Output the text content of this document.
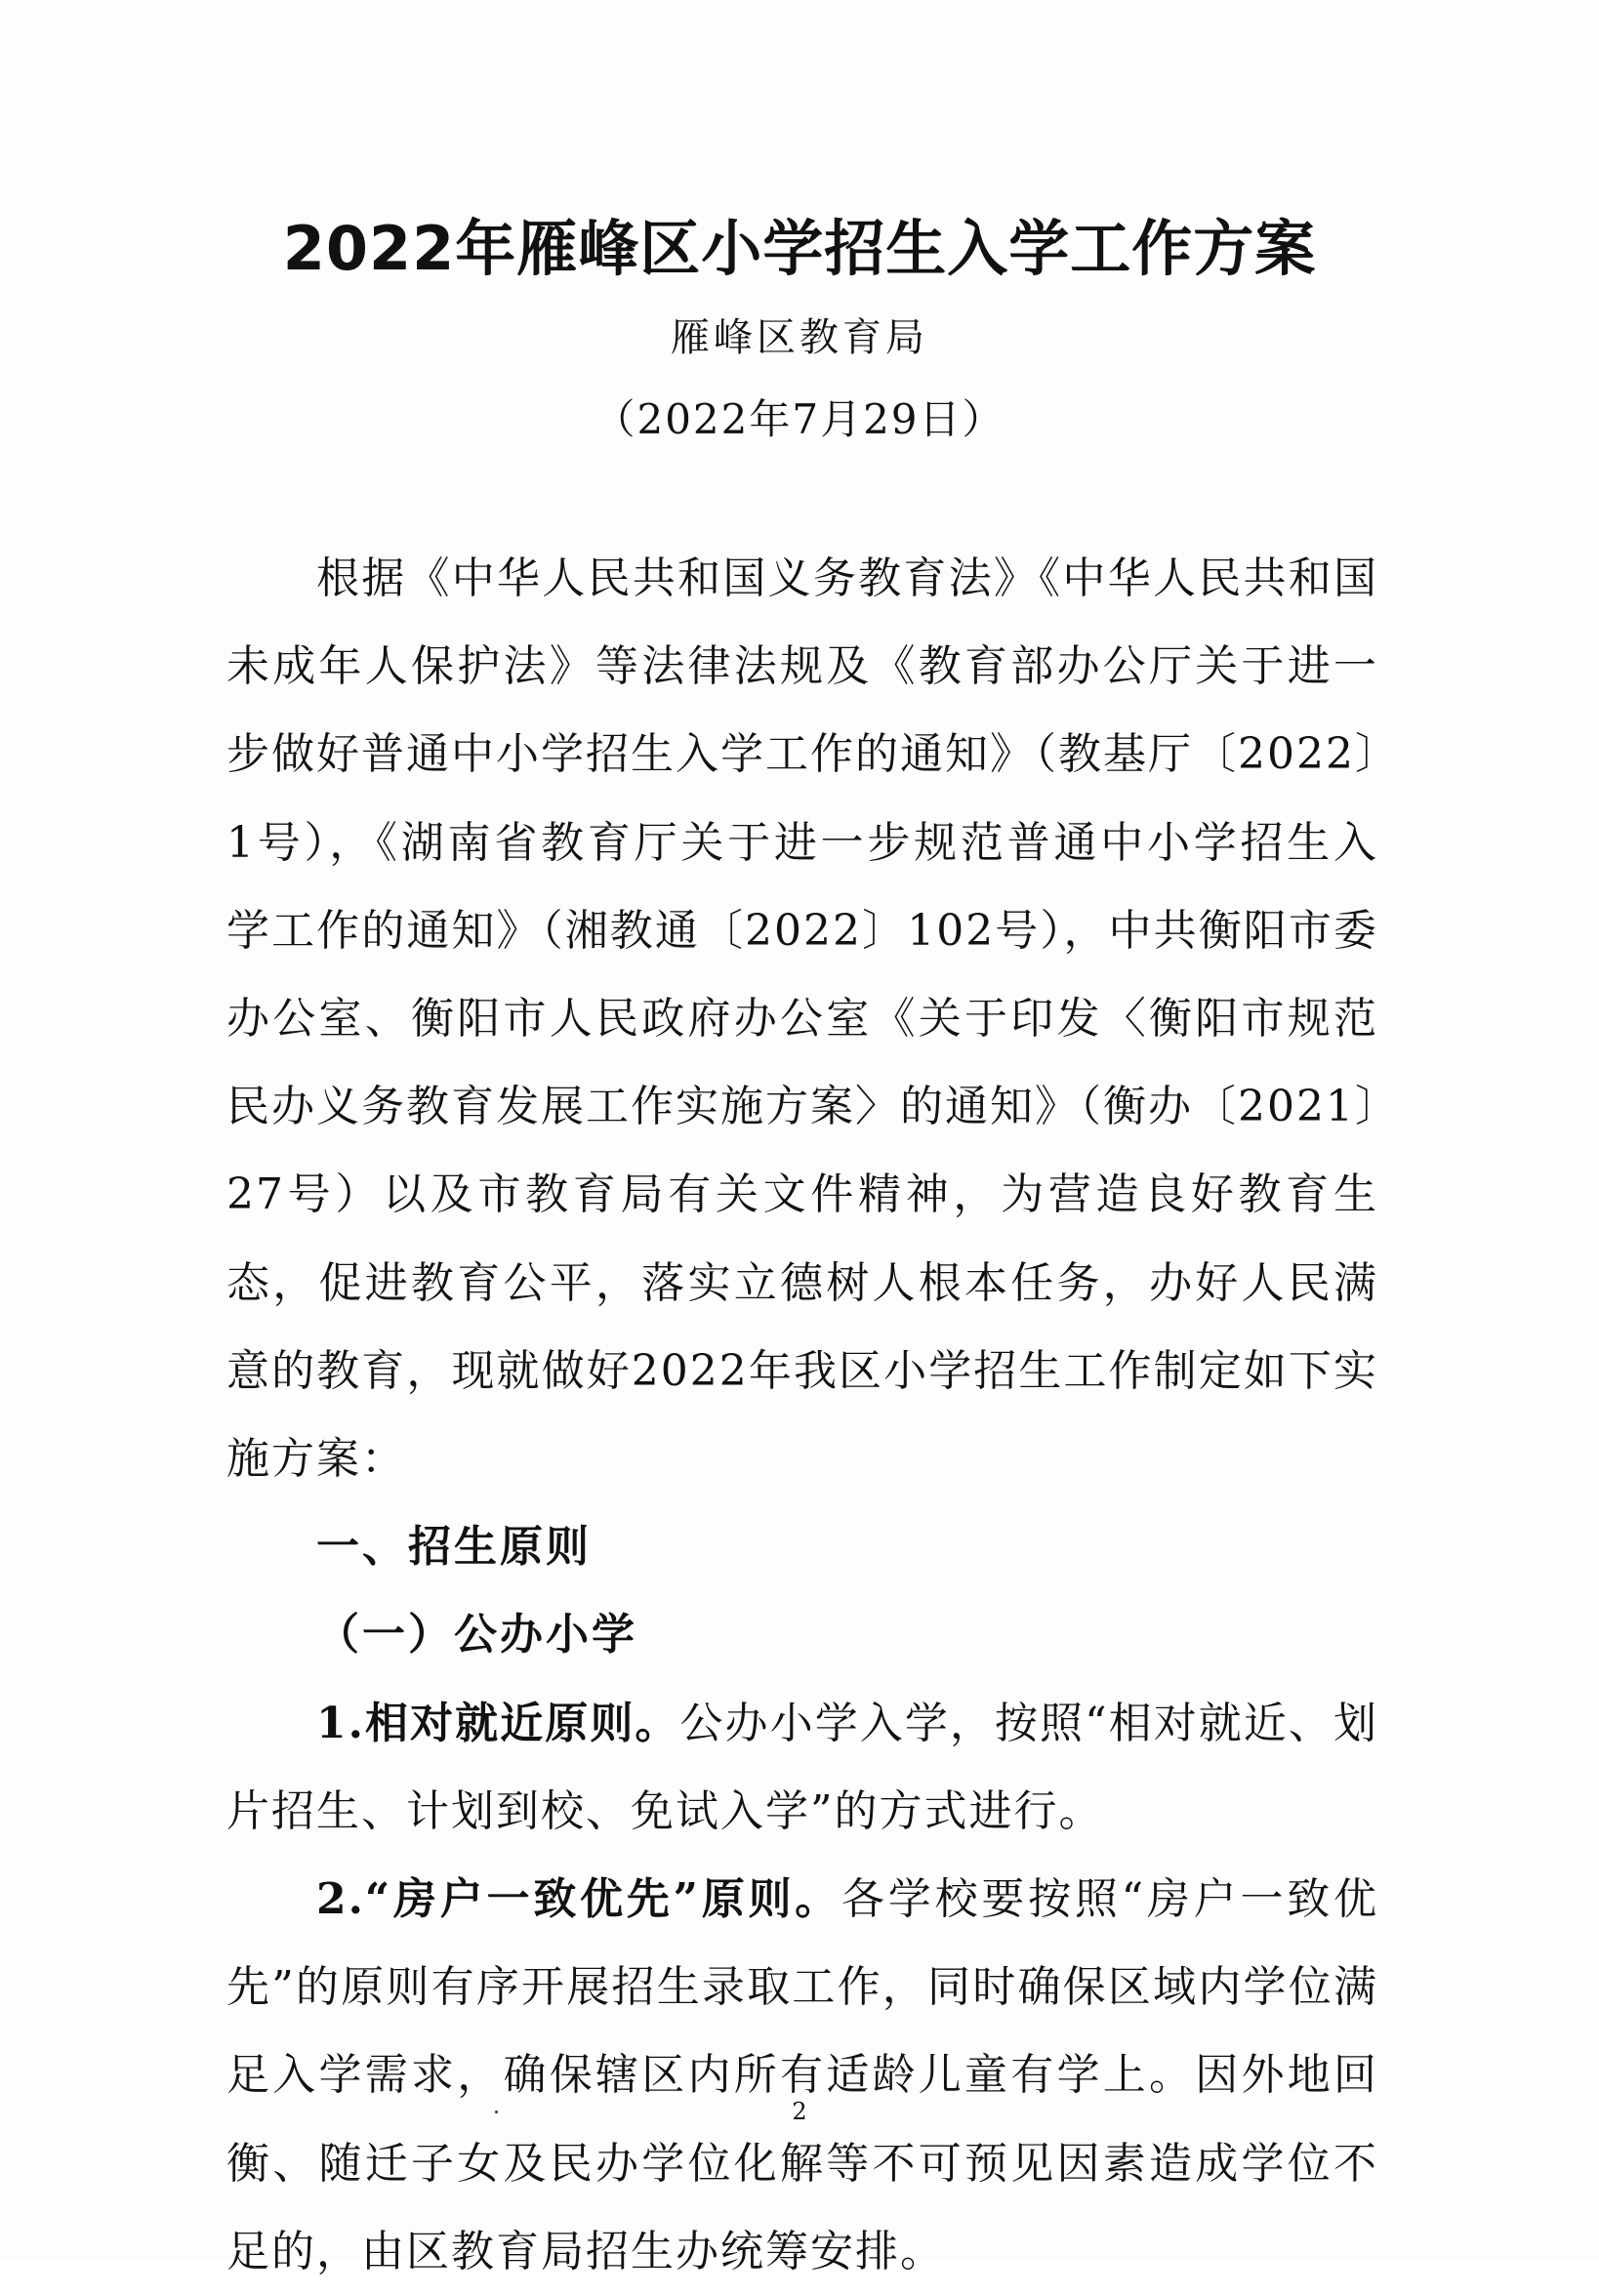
2022年雁峰区小学招生入学工作方案
雁峰区教育局
（2022年7月29日）

根据《中华人民共和国义务教育法》《中华人民共和国未成年人保护法》等法律法规及《教育部办公厅关于进一步做好普通中小学招生入学工作的通知》（教基厅〔2022〕1号），《湖南省教育厅关于进一步规范普通中小学招生入学工作的通知》（湘教通〔2022〕102号），中共衡阳市委办公室、衡阳市人民政府办公室《关于印发〈衡阳市规范民办义务教育发展工作实施方案〉的通知》（衡办〔2021〕27号）以及市教育局有关文件精神，为营造良好教育生态，促进教育公平，落实立德树人根本任务，办好人民满意的教育，现就做好2022年我区小学招生工作制定如下实施方案：

一、招生原则

（一）公办小学

1.相对就近原则。公办小学入学，按照“相对就近、划片招生、计划到校、免试入学”的方式进行。

2.“房户一致优先”原则。各学校要按照“房户一致优先”的原则有序开展招生录取工作，同时确保区域内学位满足入学需求，确保辖区内所有适龄儿童有学上。因外地回衡、随迁子女及民办学位化解等不可预见因素造成学位不足的，由区教育局招生办统筹安排。

2
